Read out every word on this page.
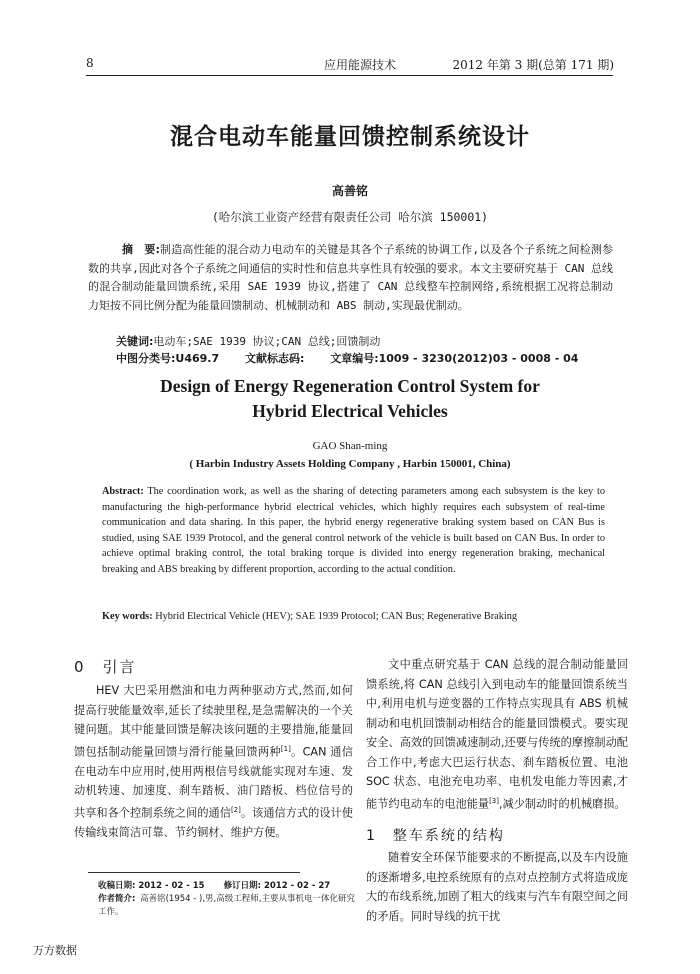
8	应用能源技术	2012 年第 3 期(总第 171 期)
混合电动车能量回馈控制系统设计
高善铭
(哈尔滨工业资产经营有限责任公司 哈尔滨 150001)
摘　要:制造高性能的混合动力电动车的关键是其各个子系统的协调工作,以及各个子系统之间检测参数的共享,因此对各个子系统之间通信的实时性和信息共享性具有较强的要求。本文主要研究基于 CAN 总线的混合制动能量回馈系统,采用 SAE 1939 协议,搭建了 CAN 总线整车控制网络,系统根据工况将总制动力矩按不同比例分配为能量回馈制动、机械制动和 ABS 制动,实现最优制动。
关键词:电动车;SAE 1939 协议;CAN 总线;回馈制动
中图分类号:U469.7 文献标志码: 文章编号:1009 - 3230(2012)03 - 0008 - 04
Design of Energy Regeneration Control System for
Hybrid Electrical Vehicles
GAO Shan-ming
( Harbin Industry Assets Holding Company , Harbin 150001, China)
Abstract: The coordination work, as well as the sharing of detecting parameters among each subsystem is the key to manufacturing the high-performance hybrid electrical vehicles, which highly requires each subsystem of real-time communication and data sharing. In this paper, the hybrid energy regenerative braking system based on CAN Bus is studied, using SAE 1939 Protocol, and the general control network of the vehicle is built based on CAN Bus. In order to achieve optimal braking control, the total braking torque is divided into energy regeneration braking, mechanical breaking and ABS breaking by different proportion, according to the actual condition.
Key words: Hybrid Electrical Vehicle (HEV); SAE 1939 Protocol; CAN Bus; Regenerative Braking
0　引言
HEV 大巴采用燃油和电力两种驱动方式,然而,如何提高行驶能量效率,延长了续驶里程,是急需解决的一个关键问题。其中能量回馈是解决该问题的主要措施,能量回馈包括制动能量回馈与滑行能量回馈两种[1]。CAN 通信在电动车中应用时,使用两根信号线就能实现对车速、发动机转速、加速度、刹车踏板、油门踏板、档位信号的共享和各个控制系统之间的通信[2]。该通信方式的设计使传输线束简洁可靠、节约铜材、维护方便。
收稿日期: 2012 - 02 - 15　　 修订日期: 2012 - 02 - 27
作者简介: 高善铭(1954 - ),男,高级工程师,主要从事机电一体化研究工作。
文中重点研究基于 CAN 总线的混合制动能量回馈系统,将 CAN 总线引入到电动车的能量回馈系统当中,利用电机与逆变器的工作特点实现具有 ABS 机械制动和电机回馈制动相结合的能量回馈模式。要实现安全、高效的回馈减速制动,还要与传统的摩擦制动配合工作中,考虑大巴运行状态、刹车踏板位置、电池 SOC 状态、电池充电功率、电机发电能力等因素,才能节约电动车的电池能量[3],减少制动时的机械磨损。
1　整车系统的结构
随着安全环保节能要求的不断提高,以及车内设施的逐渐增多,电控系统原有的点对点控制方式将造成庞大的布线系统,加剧了粗大的线束与汽车有限空间之间的矛盾。同时导线的抗干扰
万方数据
